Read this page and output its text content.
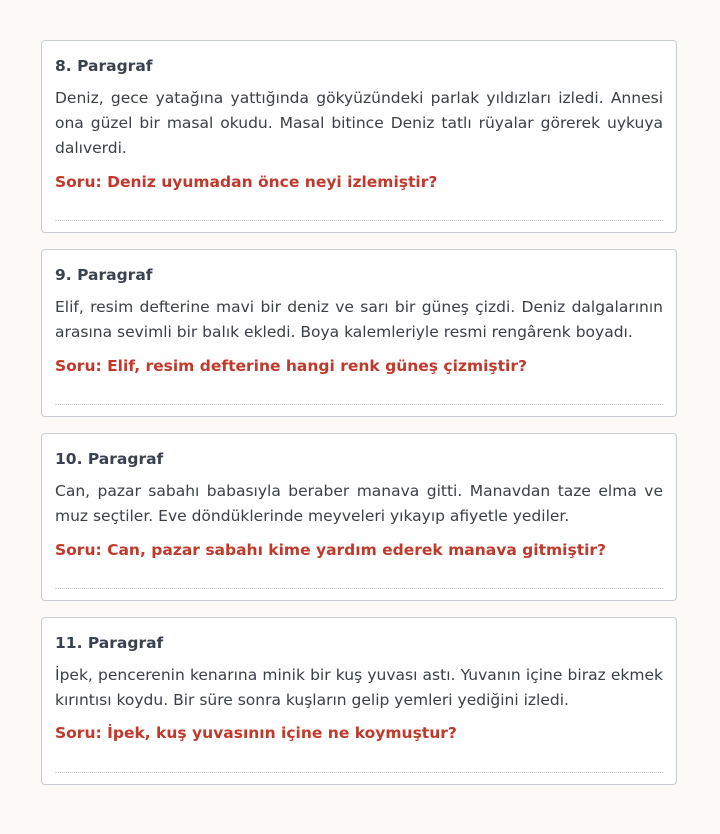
8. Paragraf

Deniz, gece yatağına yattığında gökyüzündeki parlak yıldızları izledi. Annesi ona güzel bir masal okudu. Masal bitince Deniz tatlı rüyalar görerek uykuya dalıverdi.

Soru: Deniz uyumadan önce neyi izlemiştir?
9. Paragraf

Elif, resim defterine mavi bir deniz ve sarı bir güneş çizdi. Deniz dalgalarının arasına sevimli bir balık ekledi. Boya kalemleriyle resmi rengârenk boyadı.

Soru: Elif, resim defterine hangi renk güneş çizmiştir?
10. Paragraf

Can, pazar sabahı babasıyla beraber manava gitti. Manavdan taze elma ve muz seçtiler. Eve döndüklerinde meyveleri yıkayıp afiyetle yediler.

Soru: Can, pazar sabahı kime yardım ederek manava gitmiştir?
11. Paragraf

İpek, pencerenin kenarına minik bir kuş yuvası astı. Yuvanın içine biraz ekmek kırıntısı koydu. Bir süre sonra kuşların gelip yemleri yediğini izledi.

Soru: İpek, kuş yuvasının içine ne koymuştur?
